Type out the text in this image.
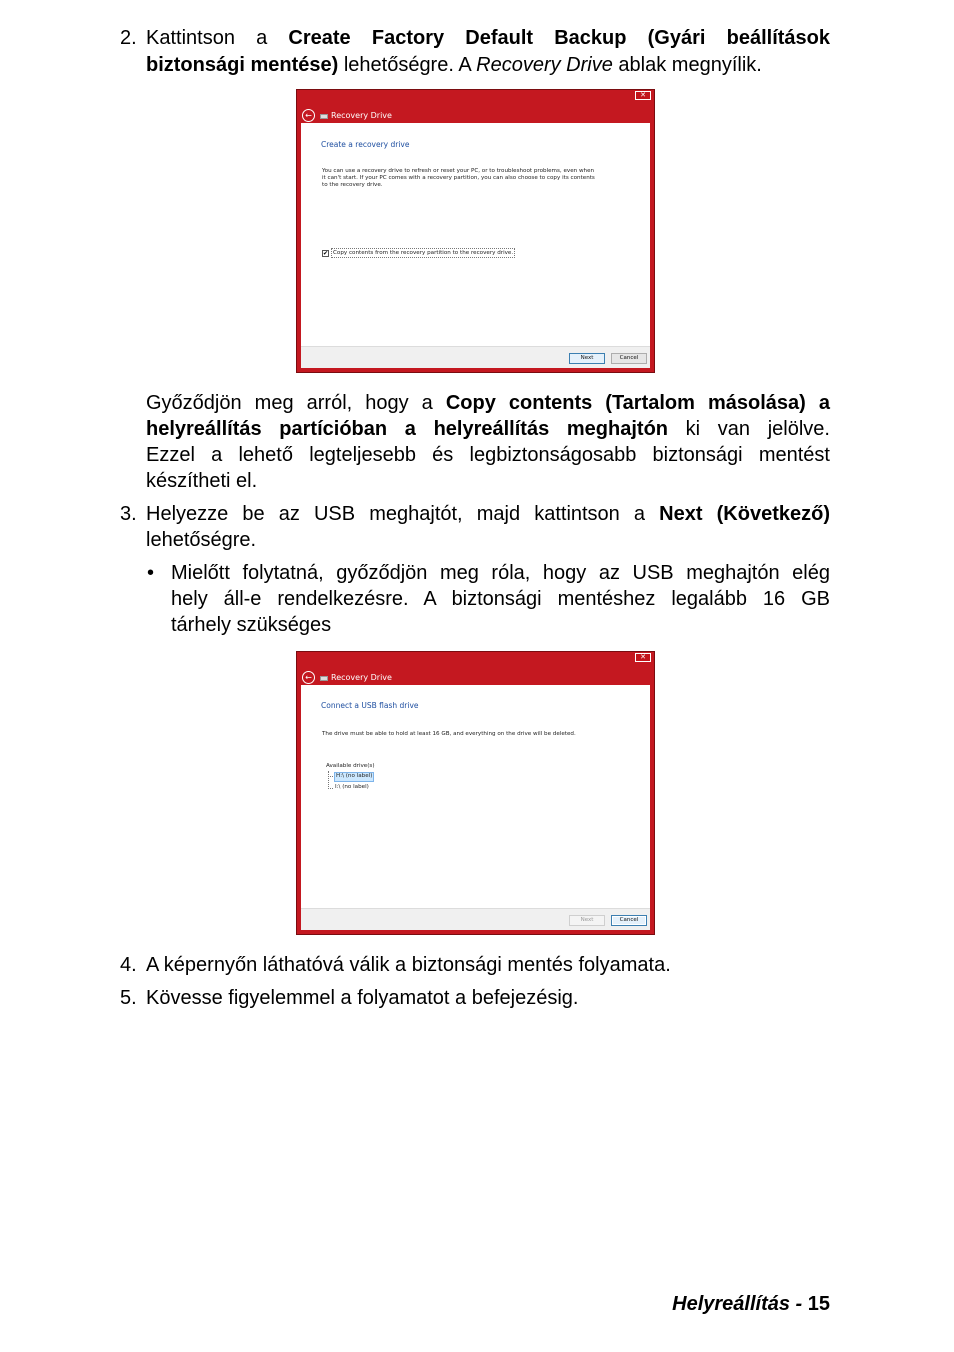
2. Kattintson a Create Factory Default Backup (Gyári beállítások
biztonsági mentése) lehetőségre. A Recovery Drive ablak megnyílik.
✕
←	Recovery Drive
Create a recovery drive
You can use a recovery drive to refresh or reset your PC, or to troubleshoot problems, even when
it can't start. If your PC comes with a recovery partition, you can also choose to copy its contents
to the recovery drive.
✔ Copy contents from the recovery partition to the recovery drive.
Next	Cancel
Győződjön meg arról, hogy a Copy contents (Tartalom másolása) a
helyreállítás partícióban a helyreállítás meghajtón ki van jelölve.
Ezzel a lehető legteljesebb és legbiztonságosabb biztonsági mentést
készítheti el.
3. Helyezze be az USB meghajtót, majd kattintson a Next (Következő)
lehetőségre.
• Mielőtt folytatná, győződjön meg róla, hogy az USB meghajtón elég
hely áll-e rendelkezésre. A biztonsági mentéshez legalább 16 GB
tárhely szükséges
✕
←	Recovery Drive
Connect a USB flash drive
The drive must be able to hold at least 16 GB, and everything on the drive will be deleted.
Available drive(s)
H:\ (no label)
I:\ (no label)
Next	Cancel
4. A képernyőn láthatóvá válik a biztonsági mentés folyamata.
5. Kövesse figyelemmel a folyamatot a befejezésig.
Helyreállítás - 15
